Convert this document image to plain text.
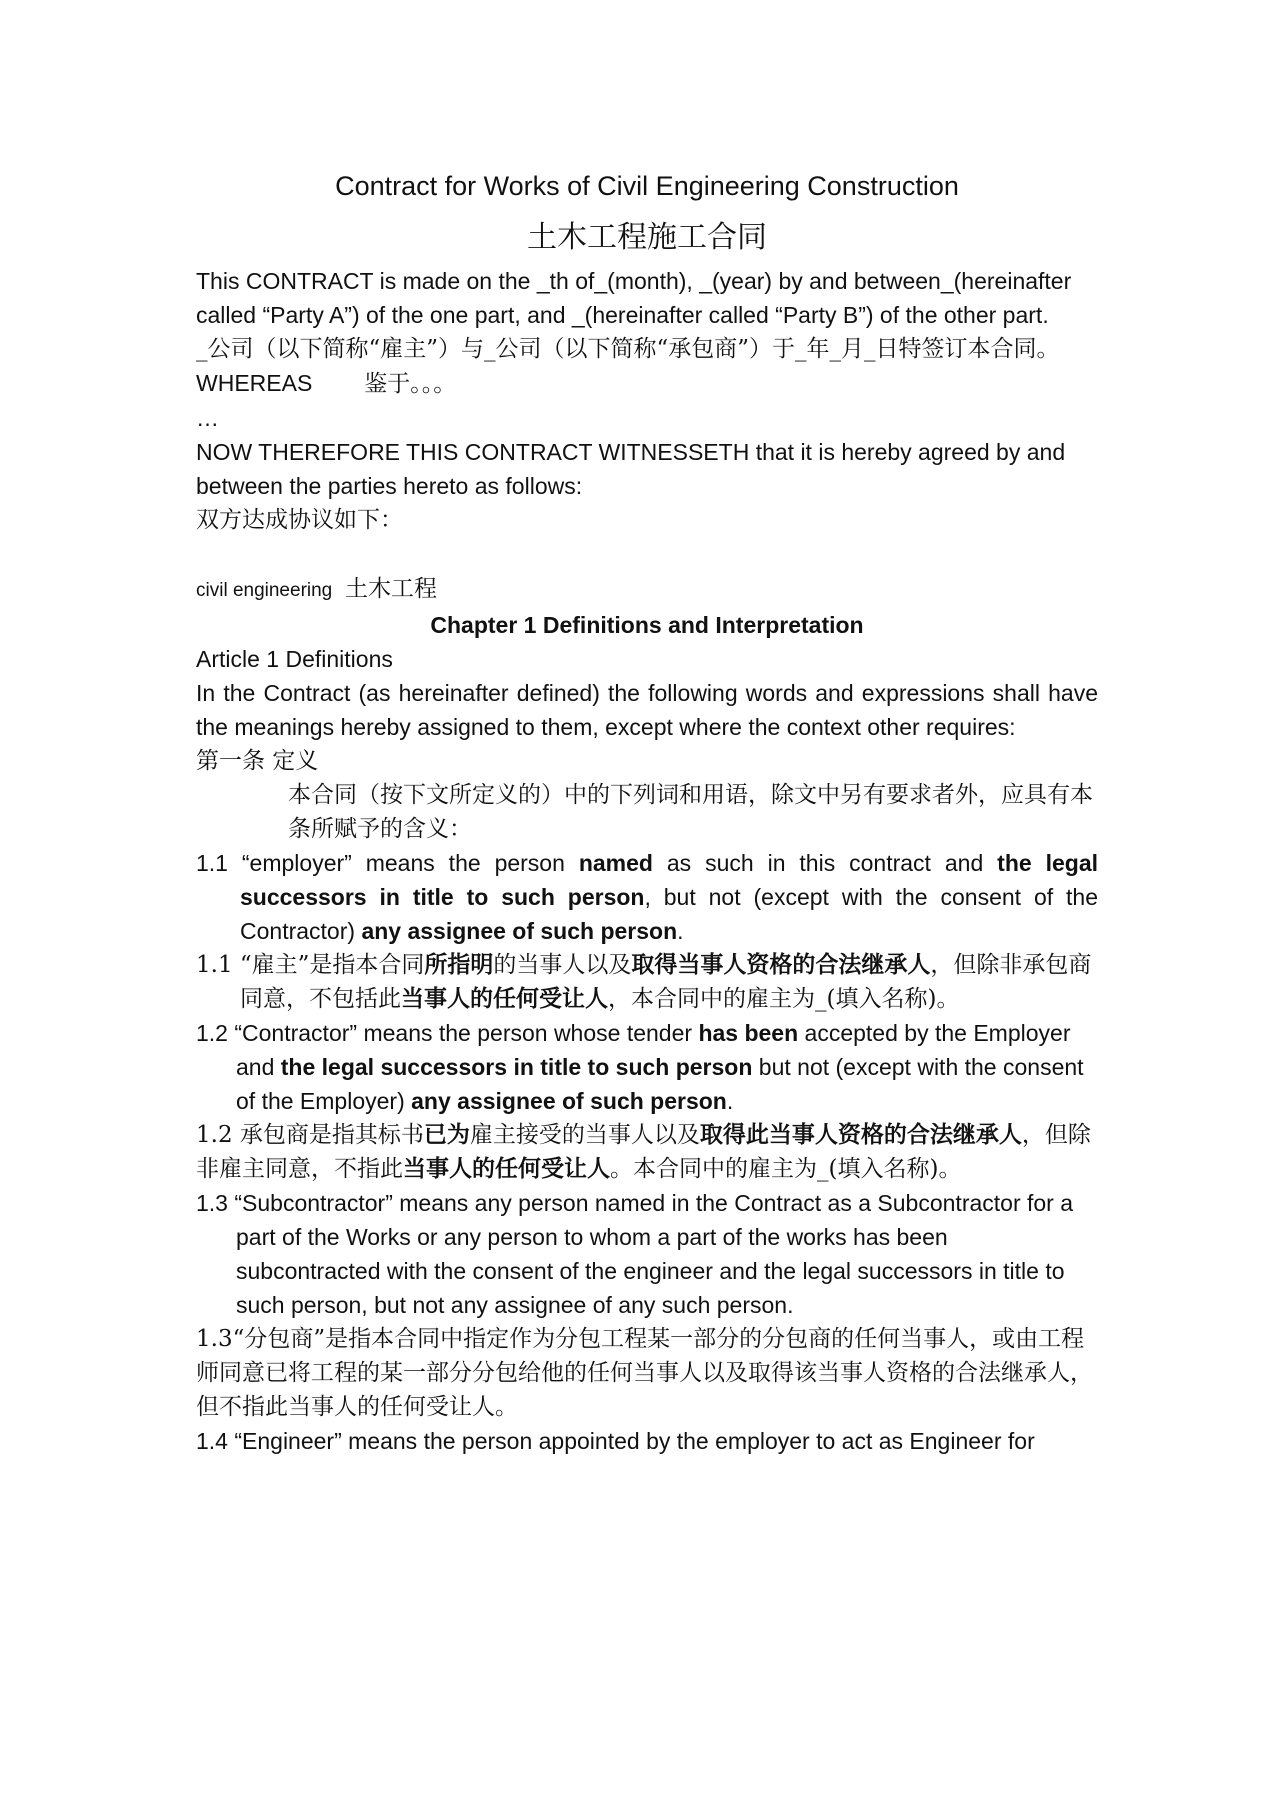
Contract for Works of Civil Engineering Construction
土木工程施工合同

This CONTRACT is made on the _th of_(month), _(year) by and between_(hereinafter called “Party A”) of the one part, and _(hereinafter called “Party B”) of the other part.

_公司（以下简称“雇主”）与_公司（以下简称“承包商”）于_年_月_日特签订本合同。

WHEREAS 鉴于。。。

…

NOW THEREFORE THIS CONTRACT WITNESSETH that it is hereby agreed by and between the parties hereto as follows:

双方达成协议如下：

civil engineering 土木工程

Chapter 1 Definitions and Interpretation

Article 1 Definitions

In the Contract (as hereinafter defined) the following words and expressions shall have the meanings hereby assigned to them, except where the context other requires:

第一条 定义

本合同（按下文所定义的）中的下列词和用语，除文中另有要求者外，应具有本条所赋予的含义：

1.1 “employer” means the person named as such in this contract and the legal successors in title to such person, but not (except with the consent of the Contractor) any assignee of such person.

1.1 “雇主”是指本合同所指明的当事人以及取得当事人资格的合法继承人，但除非承包商同意，不包括此当事人的任何受让人，本合同中的雇主为_(填入名称)。

1.2 “Contractor” means the person whose tender has been accepted by the Employer and the legal successors in title to such person but not (except with the consent of the Employer) any assignee of such person.

1.2 承包商是指其标书已为雇主接受的当事人以及取得此当事人资格的合法继承人，但除非雇主同意，不指此当事人的任何受让人。本合同中的雇主为_(填入名称)。

1.3 “Subcontractor” means any person named in the Contract as a Subcontractor for a part of the Works or any person to whom a part of the works has been subcontracted with the consent of the engineer and the legal successors in title to such person, but not any assignee of any such person.

1.3“分包商”是指本合同中指定作为分包工程某一部分的分包商的任何当事人，或由工程师同意已将工程的某一部分分包给他的任何当事人以及取得该当事人资格的合法继承人，但不指此当事人的任何受让人。

1.4 “Engineer” means the person appointed by the employer to act as Engineer for
